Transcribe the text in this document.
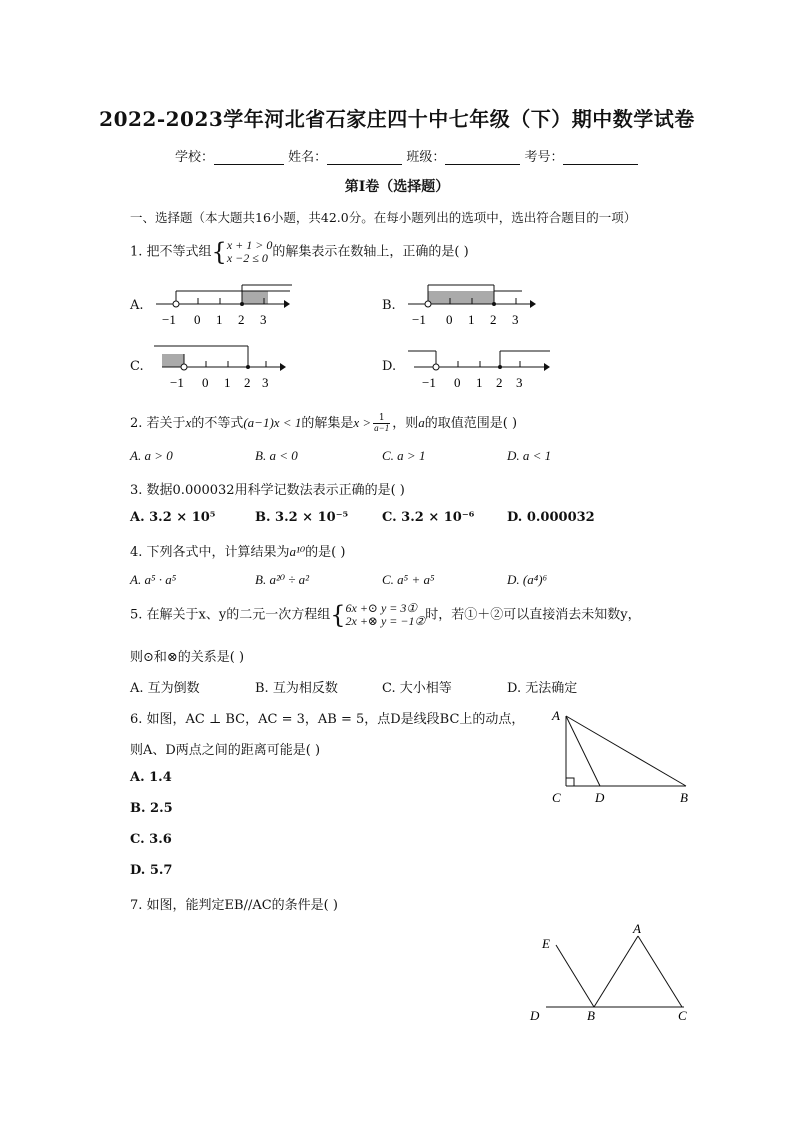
2022-2023学年河北省石家庄四十中七年级（下）期中数学试卷
学校：	姓名：	班级：	考号：
第Ⅰ卷（选择题）
一、选择题（本大题共16小题，共42.0分。在每小题列出的选项中，选出符合题目的一项）
1. 把不等式组{x + 1 > 0
x −2 ≤ 0 的解集表示在数轴上，正确的是( )
A.
−1 0 1 2 3
B.
−1 0 1 2 3
C.
−1 0 1 2 3
D.
−1 0 1 2 3
2. 若关于x的不等式(a−1)x < 1的解集是$x > \frac{1}{a-1}$ ，则a的取值范围是( )
A. a > 0	B. a < 0	C. a > 1	D. a < 1
3. 数据0.000032用科学记数法表示正确的是( )
A. 3.2 × 10⁵	B. 3.2 × 10⁻⁵	C. 3.2 × 10⁻⁶	D. 0.000032
4. 下列各式中，计算结果为a¹⁰的是( )
A. a⁵ · a⁵	B. a²⁰ ÷ a²	C. a⁵ + a⁵	D. (a⁴)⁶
5. 在解关于x、y的二元一次方程组{6x +⊙ y = 3①
2x +⊗ y = −1②时，若①＋②可以直接消去未知数y，
则⊙和⊗的关系是( )
A. 互为倒数	B. 互为相反数	C. 大小相等	D. 无法确定
6. 如图，AC ⊥ BC，AC = 3，AB = 5，点D是线段BC上的动点，
则A、D两点之间的距离可能是( )
A. 1.4
B. 2.5
C. 3.6
D. 5.7
A
C	D	B
7. 如图，能判定EB//AC的条件是( )
E
A
D	B	C
